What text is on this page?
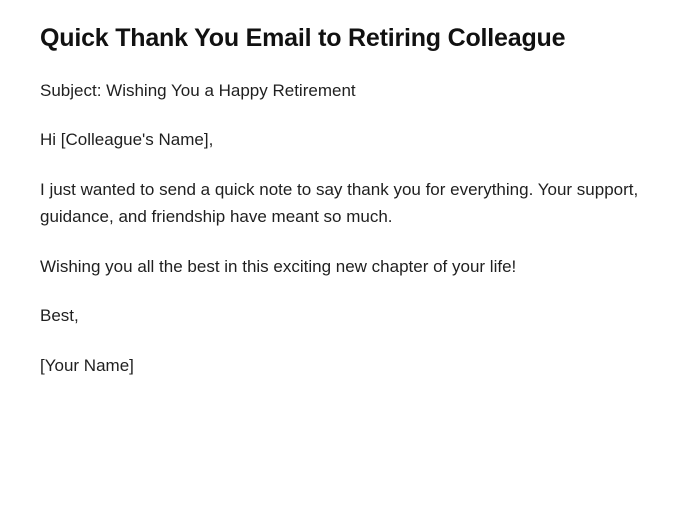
Quick Thank You Email to Retiring Colleague

Subject: Wishing You a Happy Retirement

Hi [Colleague's Name],

I just wanted to send a quick note to say thank you for everything. Your support, guidance, and friendship have meant so much.

Wishing you all the best in this exciting new chapter of your life!

Best,

[Your Name]
